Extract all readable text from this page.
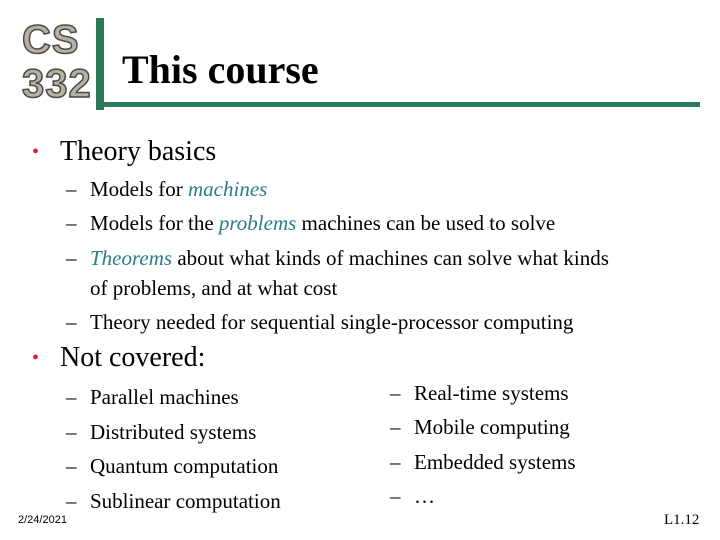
CS
332 This course
• Theory basics
– Models for machines
– Models for the problems machines can be used to solve
– Theorems about what kinds of machines can solve what kinds
of problems, and at what cost
– Theory needed for sequential single-processor computing
• Not covered:
– Parallel machines
– Distributed systems
– Quantum computation
– Sublinear computation
– Real-time systems
– Mobile computing
– Embedded systems
– …
2/24/2021	L1.12
